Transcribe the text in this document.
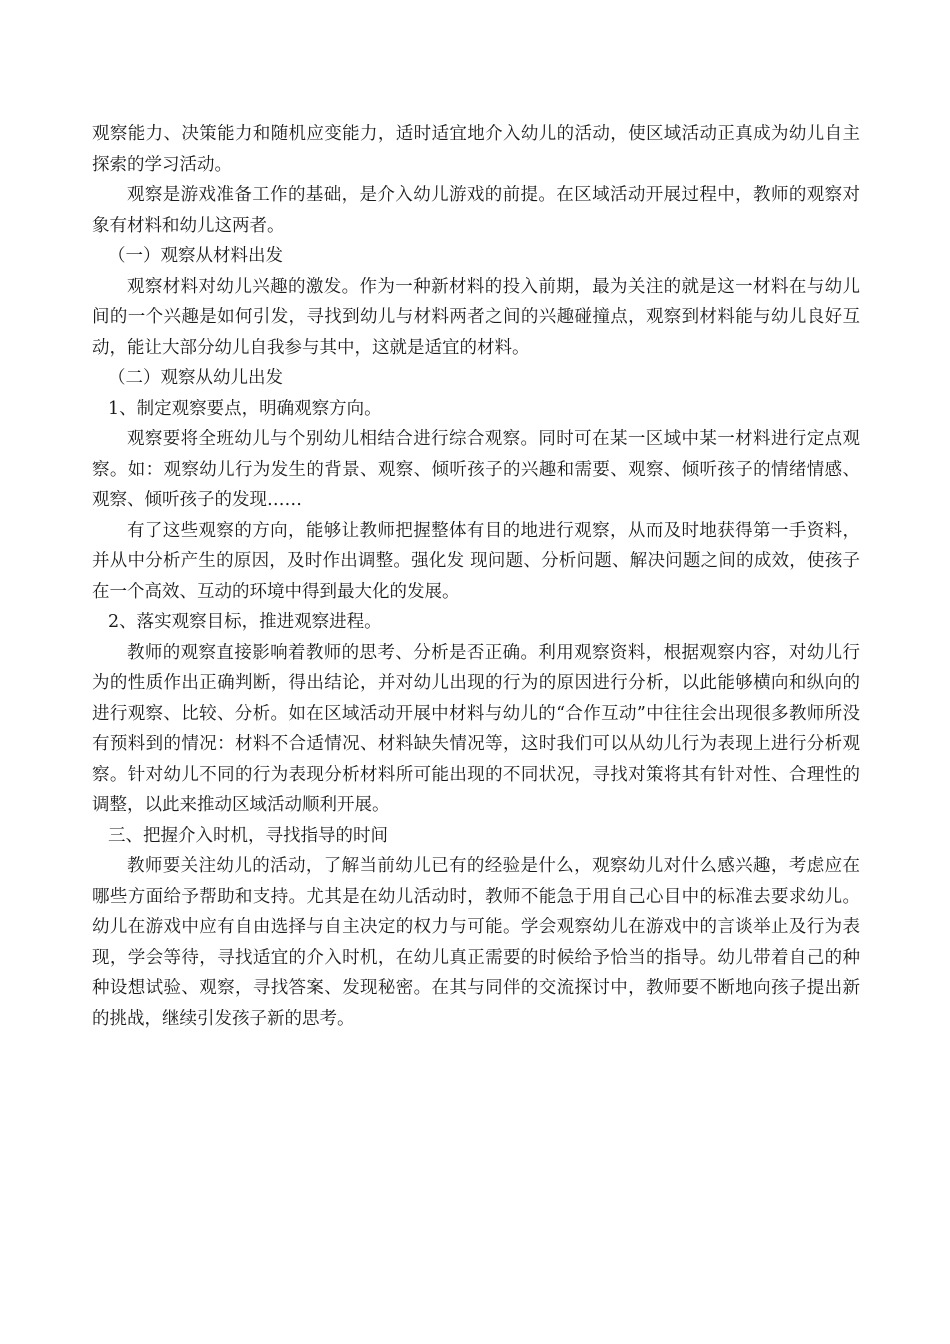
观察能力、决策能力和随机应变能力，适时适宜地介入幼儿的活动，使区域活动正真成为幼儿自主探索的学习活动。

观察是游戏准备工作的基础，是介入幼儿游戏的前提。在区域活动开展过程中，教师的观察对象有材料和幼儿这两者。

（一）观察从材料出发

观察材料对幼儿兴趣的激发。作为一种新材料的投入前期，最为关注的就是这一材料在与幼儿间的一个兴趣是如何引发，寻找到幼儿与材料两者之间的兴趣碰撞点，观察到材料能与幼儿良好互动，能让大部分幼儿自我参与其中，这就是适宜的材料。

（二）观察从幼儿出发

1、制定观察要点，明确观察方向。

观察要将全班幼儿与个别幼儿相结合进行综合观察。同时可在某一区域中某一材料进行定点观察。如：观察幼儿行为发生的背景、观察、倾听孩子的兴趣和需要、观察、倾听孩子的情绪情感、观察、倾听孩子的发现……

有了这些观察的方向，能够让教师把握整体有目的地进行观察，从而及时地获得第一手资料，并从中分析产生的原因，及时作出调整。强化发 现问题、分析问题、解决问题之间的成效，使孩子在一个高效、互动的环境中得到最大化的发展。

2、落实观察目标，推进观察进程。

教师的观察直接影响着教师的思考、分析是否正确。利用观察资料，根据观察内容，对幼儿行为的性质作出正确判断，得出结论，并对幼儿出现的行为的原因进行分析，以此能够横向和纵向的进行观察、比较、分析。如在区域活动开展中材料与幼儿的“合作互动”中往往会出现很多教师所没有预料到的情况：材料不合适情况、材料缺失情况等，这时我们可以从幼儿行为表现上进行分析观察。针对幼儿不同的行为表现分析材料所可能出现的不同状况，寻找对策将其有针对性、合理性的调整，以此来推动区域活动顺利开展。

三、把握介入时机，寻找指导的时间

教师要关注幼儿的活动，了解当前幼儿已有的经验是什么，观察幼儿对什么感兴趣，考虑应在哪些方面给予帮助和支持。尤其是在幼儿活动时，教师不能急于用自己心目中的标准去要求幼儿。幼儿在游戏中应有自由选择与自主决定的权力与可能。学会观察幼儿在游戏中的言谈举止及行为表现，学会等待，寻找适宜的介入时机，在幼儿真正需要的时候给予恰当的指导。幼儿带着自己的种种设想试验、观察，寻找答案、发现秘密。在其与同伴的交流探讨中，教师要不断地向孩子提出新的挑战，继续引发孩子新的思考。
